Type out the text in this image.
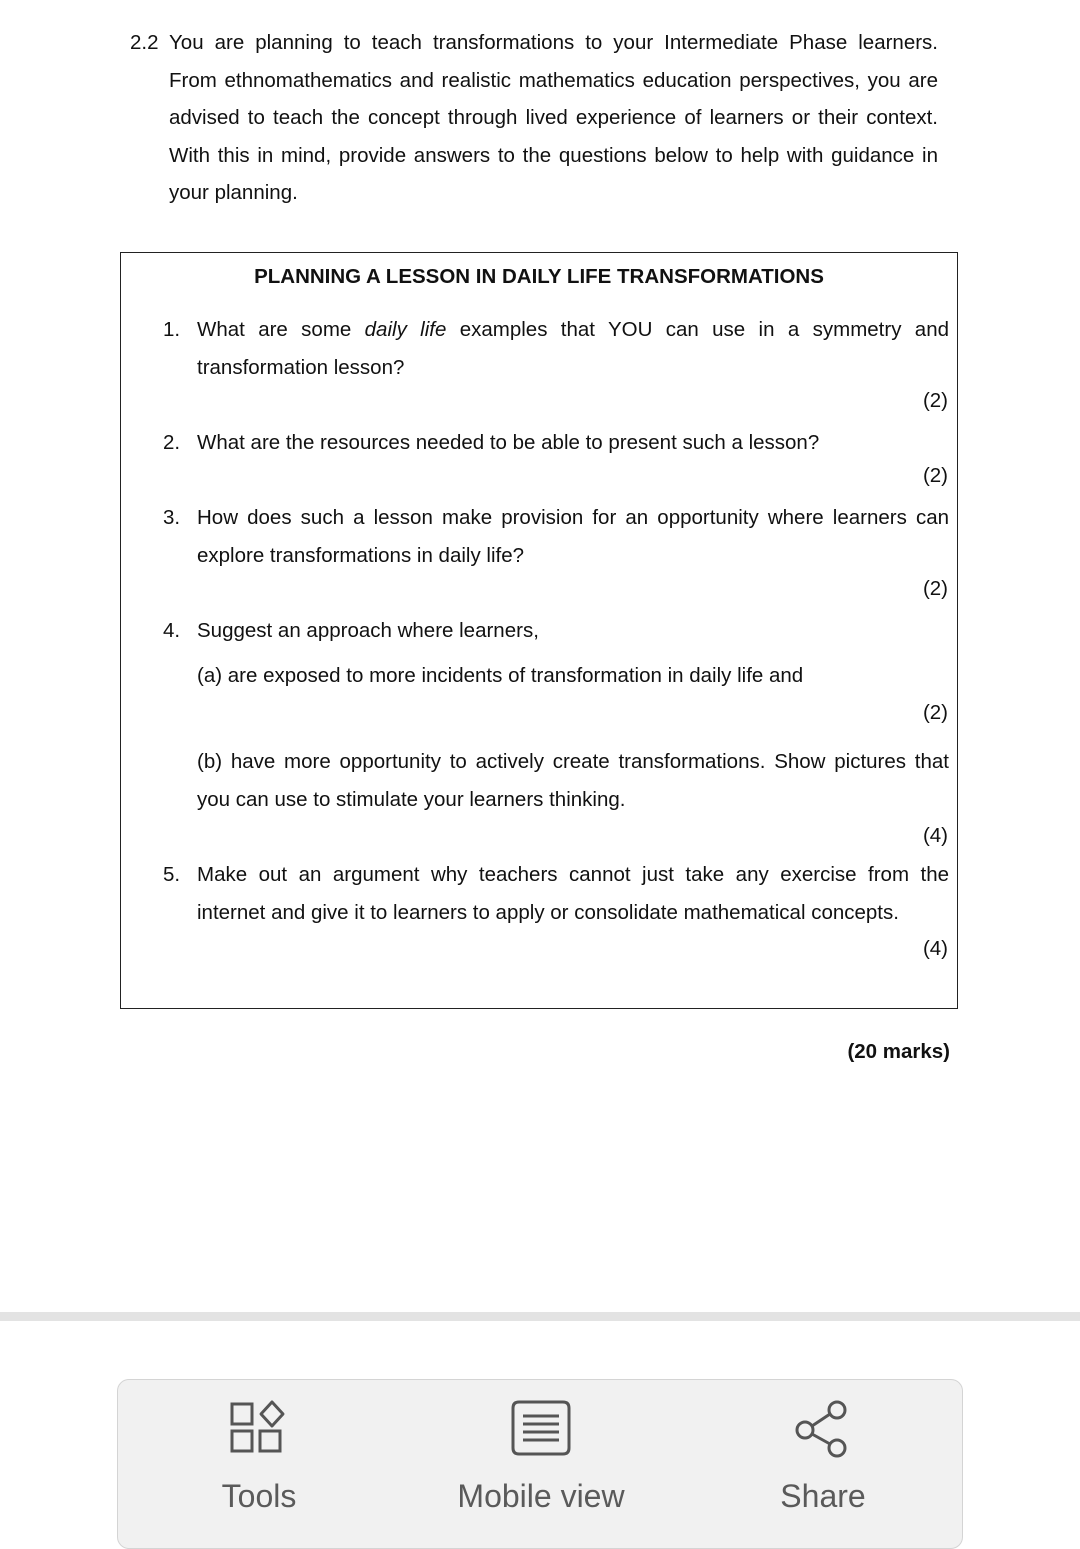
2.2 You are planning to teach transformations to your Intermediate Phase learners. From ethnomathematics and realistic mathematics education perspectives, you are advised to teach the concept through lived experience of learners or their context. With this in mind, provide answers to the questions below to help with guidance in your planning.
PLANNING A LESSON IN DAILY LIFE TRANSFORMATIONS
1. What are some daily life examples that YOU can use in a symmetry and transformation lesson?
(2)
2. What are the resources needed to be able to present such a lesson?
(2)
3. How does such a lesson make provision for an opportunity where learners can explore transformations in daily life?
(2)
4. Suggest an approach where learners,
(a) are exposed to more incidents of transformation in daily life and
(2)
(b) have more opportunity to actively create transformations. Show pictures that you can use to stimulate your learners thinking.
(4)
5. Make out an argument why teachers cannot just take any exercise from the internet and give it to learners to apply or consolidate mathematical concepts.
(4)
(20 marks)
Tools	Mobile view	Share
